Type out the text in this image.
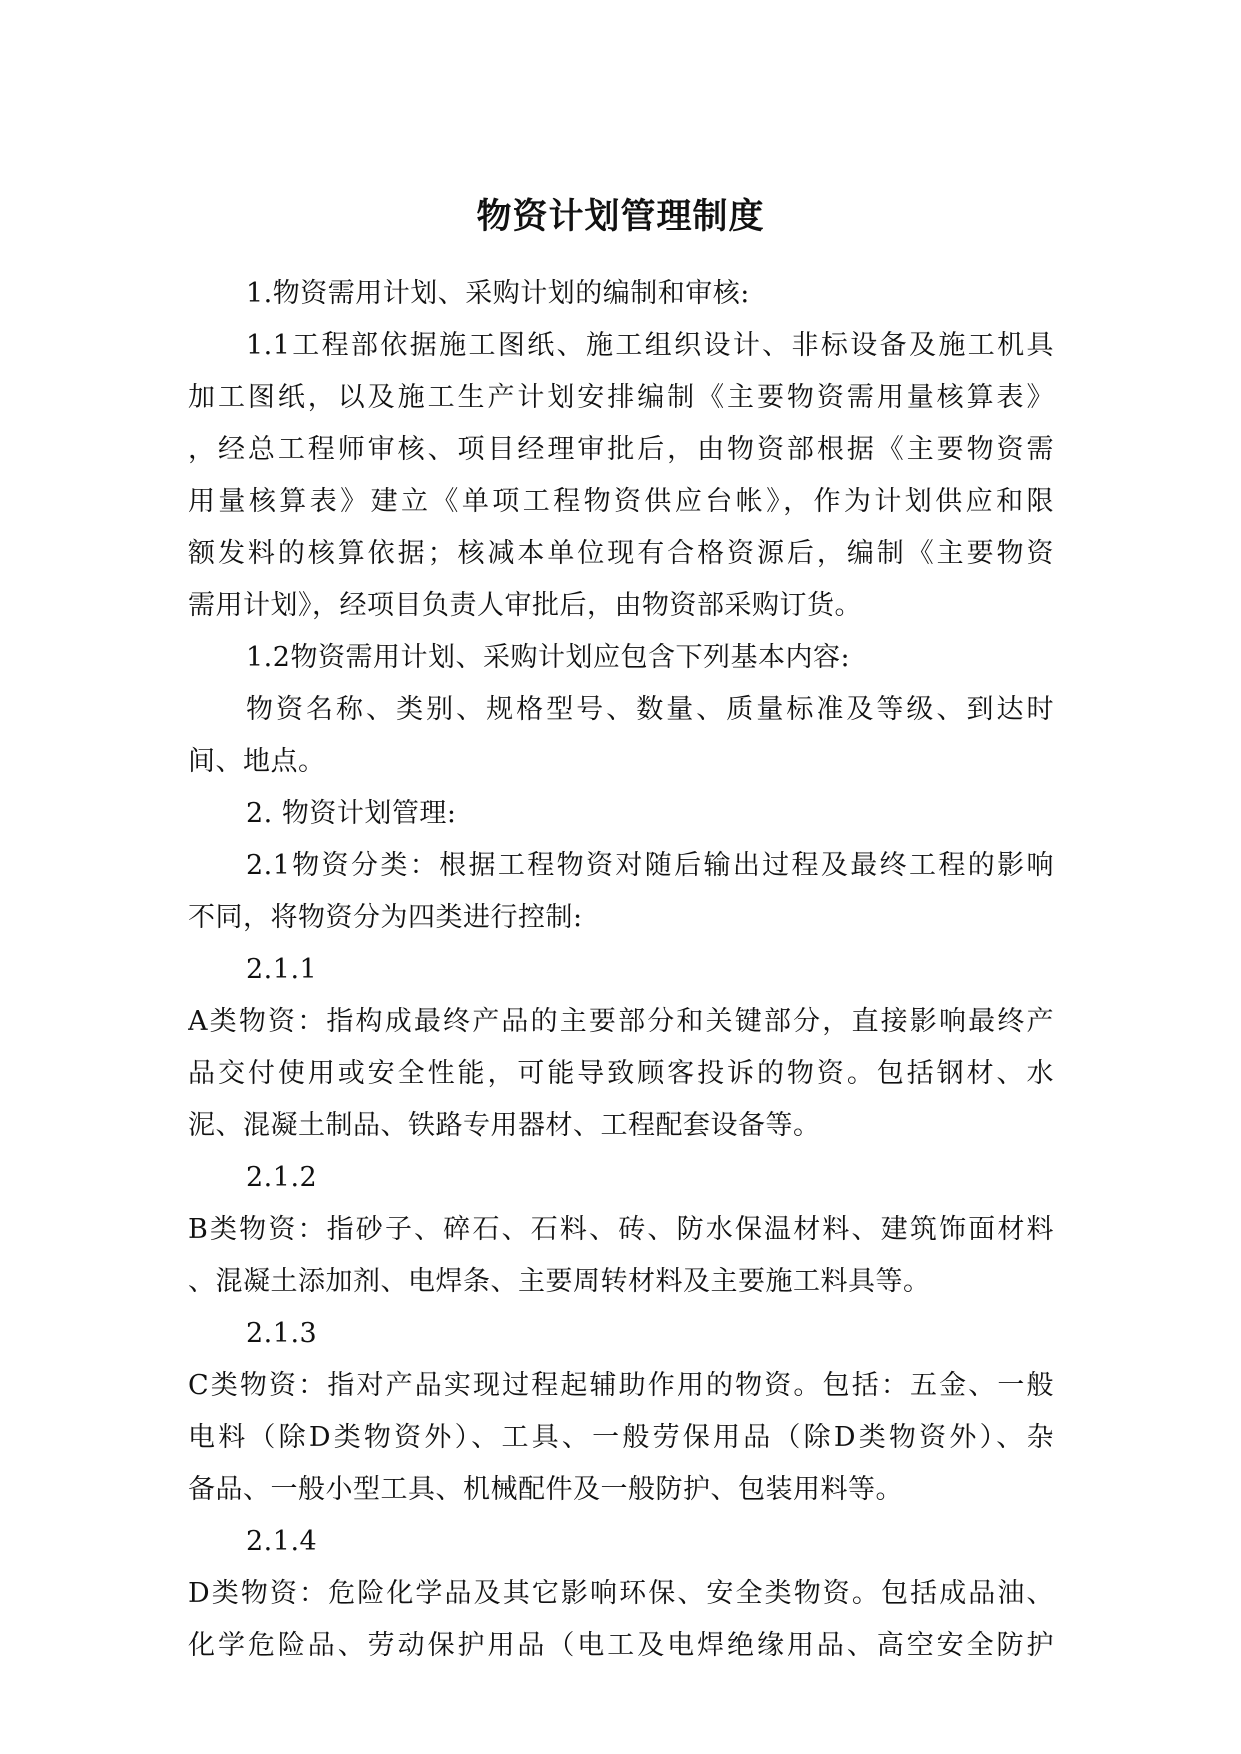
物资计划管理制度
1.物资需用计划、采购计划的编制和审核:
1.1工程部依据施工图纸、施工组织设计、非标设备及施工机具
加工图纸，以及施工生产计划安排编制《主要物资需用量核算表》
，经总工程师审核、项目经理审批后，由物资部根据《主要物资需
用量核算表》建立《单项工程物资供应台帐》，作为计划供应和限
额发料的核算依据；核减本单位现有合格资源后，编制《主要物资
需用计划》，经项目负责人审批后，由物资部采购订货。
1.2物资需用计划、采购计划应包含下列基本内容:
物资名称、类别、规格型号、数量、质量标准及等级、到达时
间、地点。
2. 物资计划管理:
2.1物资分类：根据工程物资对随后输出过程及最终工程的影响
不同，将物资分为四类进行控制:
2.1.1
A类物资：指构成最终产品的主要部分和关键部分，直接影响最终产
品交付使用或安全性能，可能导致顾客投诉的物资。包括钢材、水
泥、混凝土制品、铁路专用器材、工程配套设备等。
2.1.2
B类物资：指砂子、碎石、石料、砖、防水保温材料、建筑饰面材料
、混凝土添加剂、电焊条、主要周转材料及主要施工料具等。
2.1.3
C类物资：指对产品实现过程起辅助作用的物资。包括：五金、一般
电料（除D类物资外）、工具、一般劳保用品（除D类物资外）、杂
备品、一般小型工具、机械配件及一般防护、包装用料等。
2.1.4
D类物资：危险化学品及其它影响环保、安全类物资。包括成品油、
化学危险品、劳动保护用品（电工及电焊绝缘用品、高空安全防护
